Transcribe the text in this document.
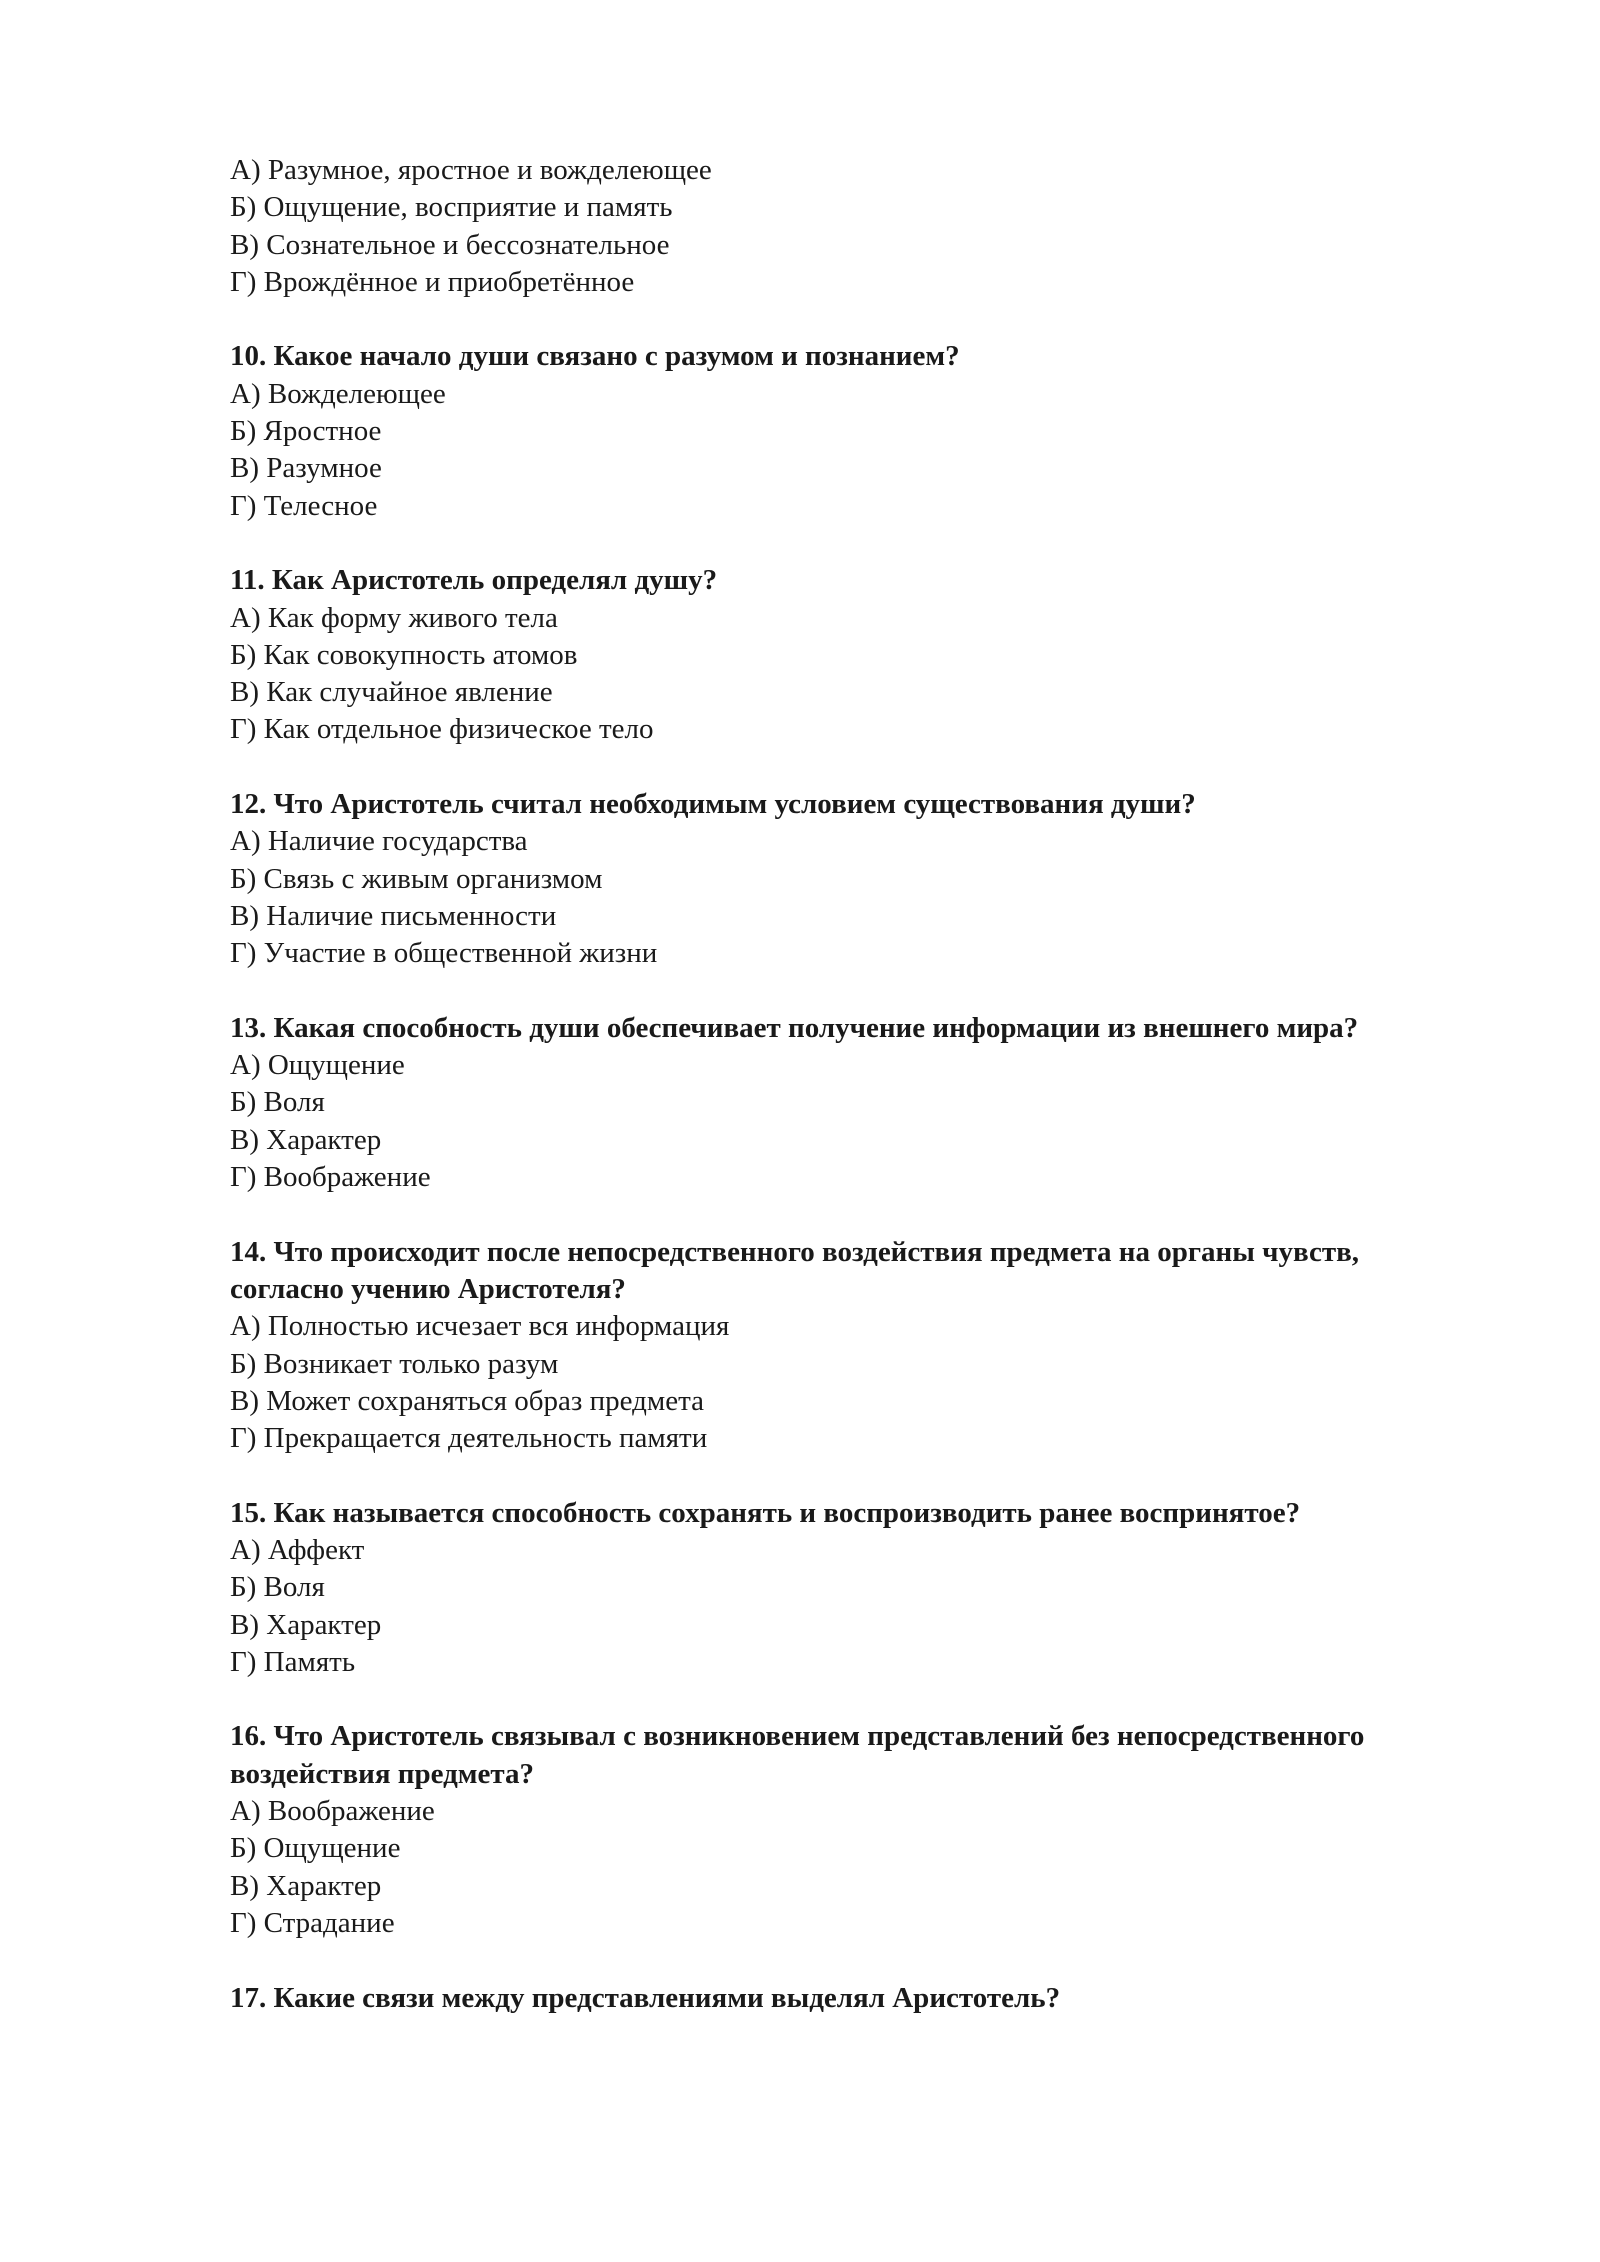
А) Разумное, яростное и вожделеющее

Б) Ощущение, восприятие и память

В) Сознательное и бессознательное

Г) Врождённое и приобретённое

10. Какое начало души связано с разумом и познанием?

А) Вожделеющее

Б) Яростное

В) Разумное

Г) Телесное

11. Как Аристотель определял душу?

А) Как форму живого тела

Б) Как совокупность атомов

В) Как случайное явление

Г) Как отдельное физическое тело

12. Что Аристотель считал необходимым условием существования души?

А) Наличие государства

Б) Связь с живым организмом

В) Наличие письменности

Г) Участие в общественной жизни

13. Какая способность души обеспечивает получение информации из внешнего мира?

А) Ощущение

Б) Воля

В) Характер

Г) Воображение

14. Что происходит после непосредственного воздействия предмета на органы чувств, согласно учению Аристотеля?

А) Полностью исчезает вся информация

Б) Возникает только разум

В) Может сохраняться образ предмета

Г) Прекращается деятельность памяти

15. Как называется способность сохранять и воспроизводить ранее воспринятое?

А) Аффект

Б) Воля

В) Характер

Г) Память

16. Что Аристотель связывал с возникновением представлений без непосредственного воздействия предмета?

А) Воображение

Б) Ощущение

В) Характер

Г) Страдание

17. Какие связи между представлениями выделял Аристотель?
